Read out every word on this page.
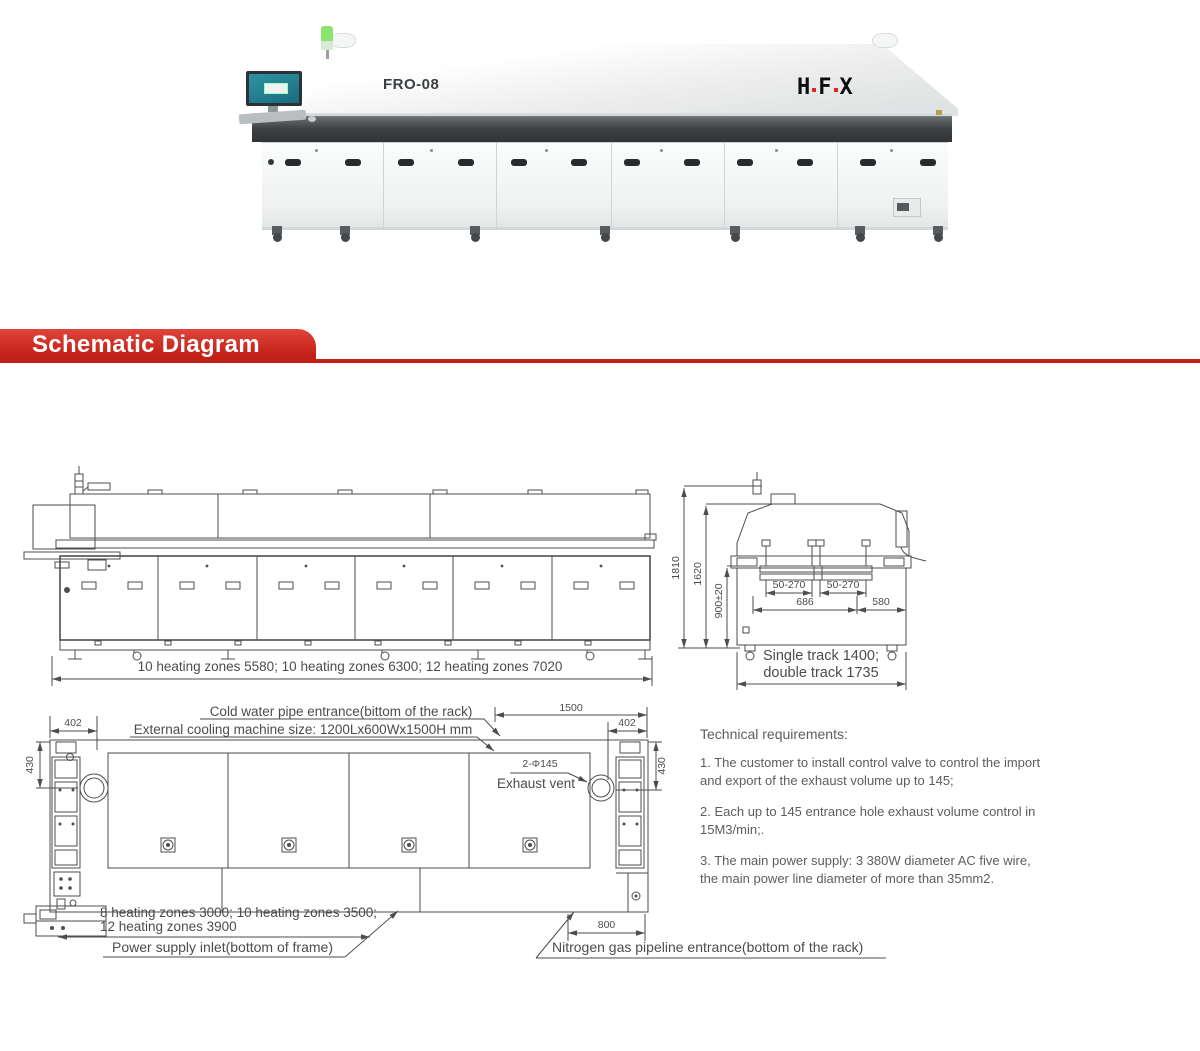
FRO-08	H F X
Schematic Diagram
10 heating zones 5580; 10 heating zones 6300; 12 heating zones 7020
1810 1620
900±20	50-270	50-270
686	580
Single track 1400;
double track 1735
Cold water pipe entrance(bittom of the rack)
External cooling machine size: 1200Lx600Wx1500H mm
1500
402	402
430	430
2-Φ145
Exhaust vent
8 heating zones 3000; 10 heating zones 3500;
12 heating zones 3900
Power supply inlet(bottom of frame)
800
Nitrogen gas pipeline entrance(bottom of the rack)
Technical requirements:
1. The customer to install control valve to control the import and export of the exhaust volume up to 145;
2. Each up to 145 entrance hole exhaust volume control in 15M3/min;.
3. The main power supply: 3 380W diameter AC five wire, the main power line diameter of more than 35mm2.
